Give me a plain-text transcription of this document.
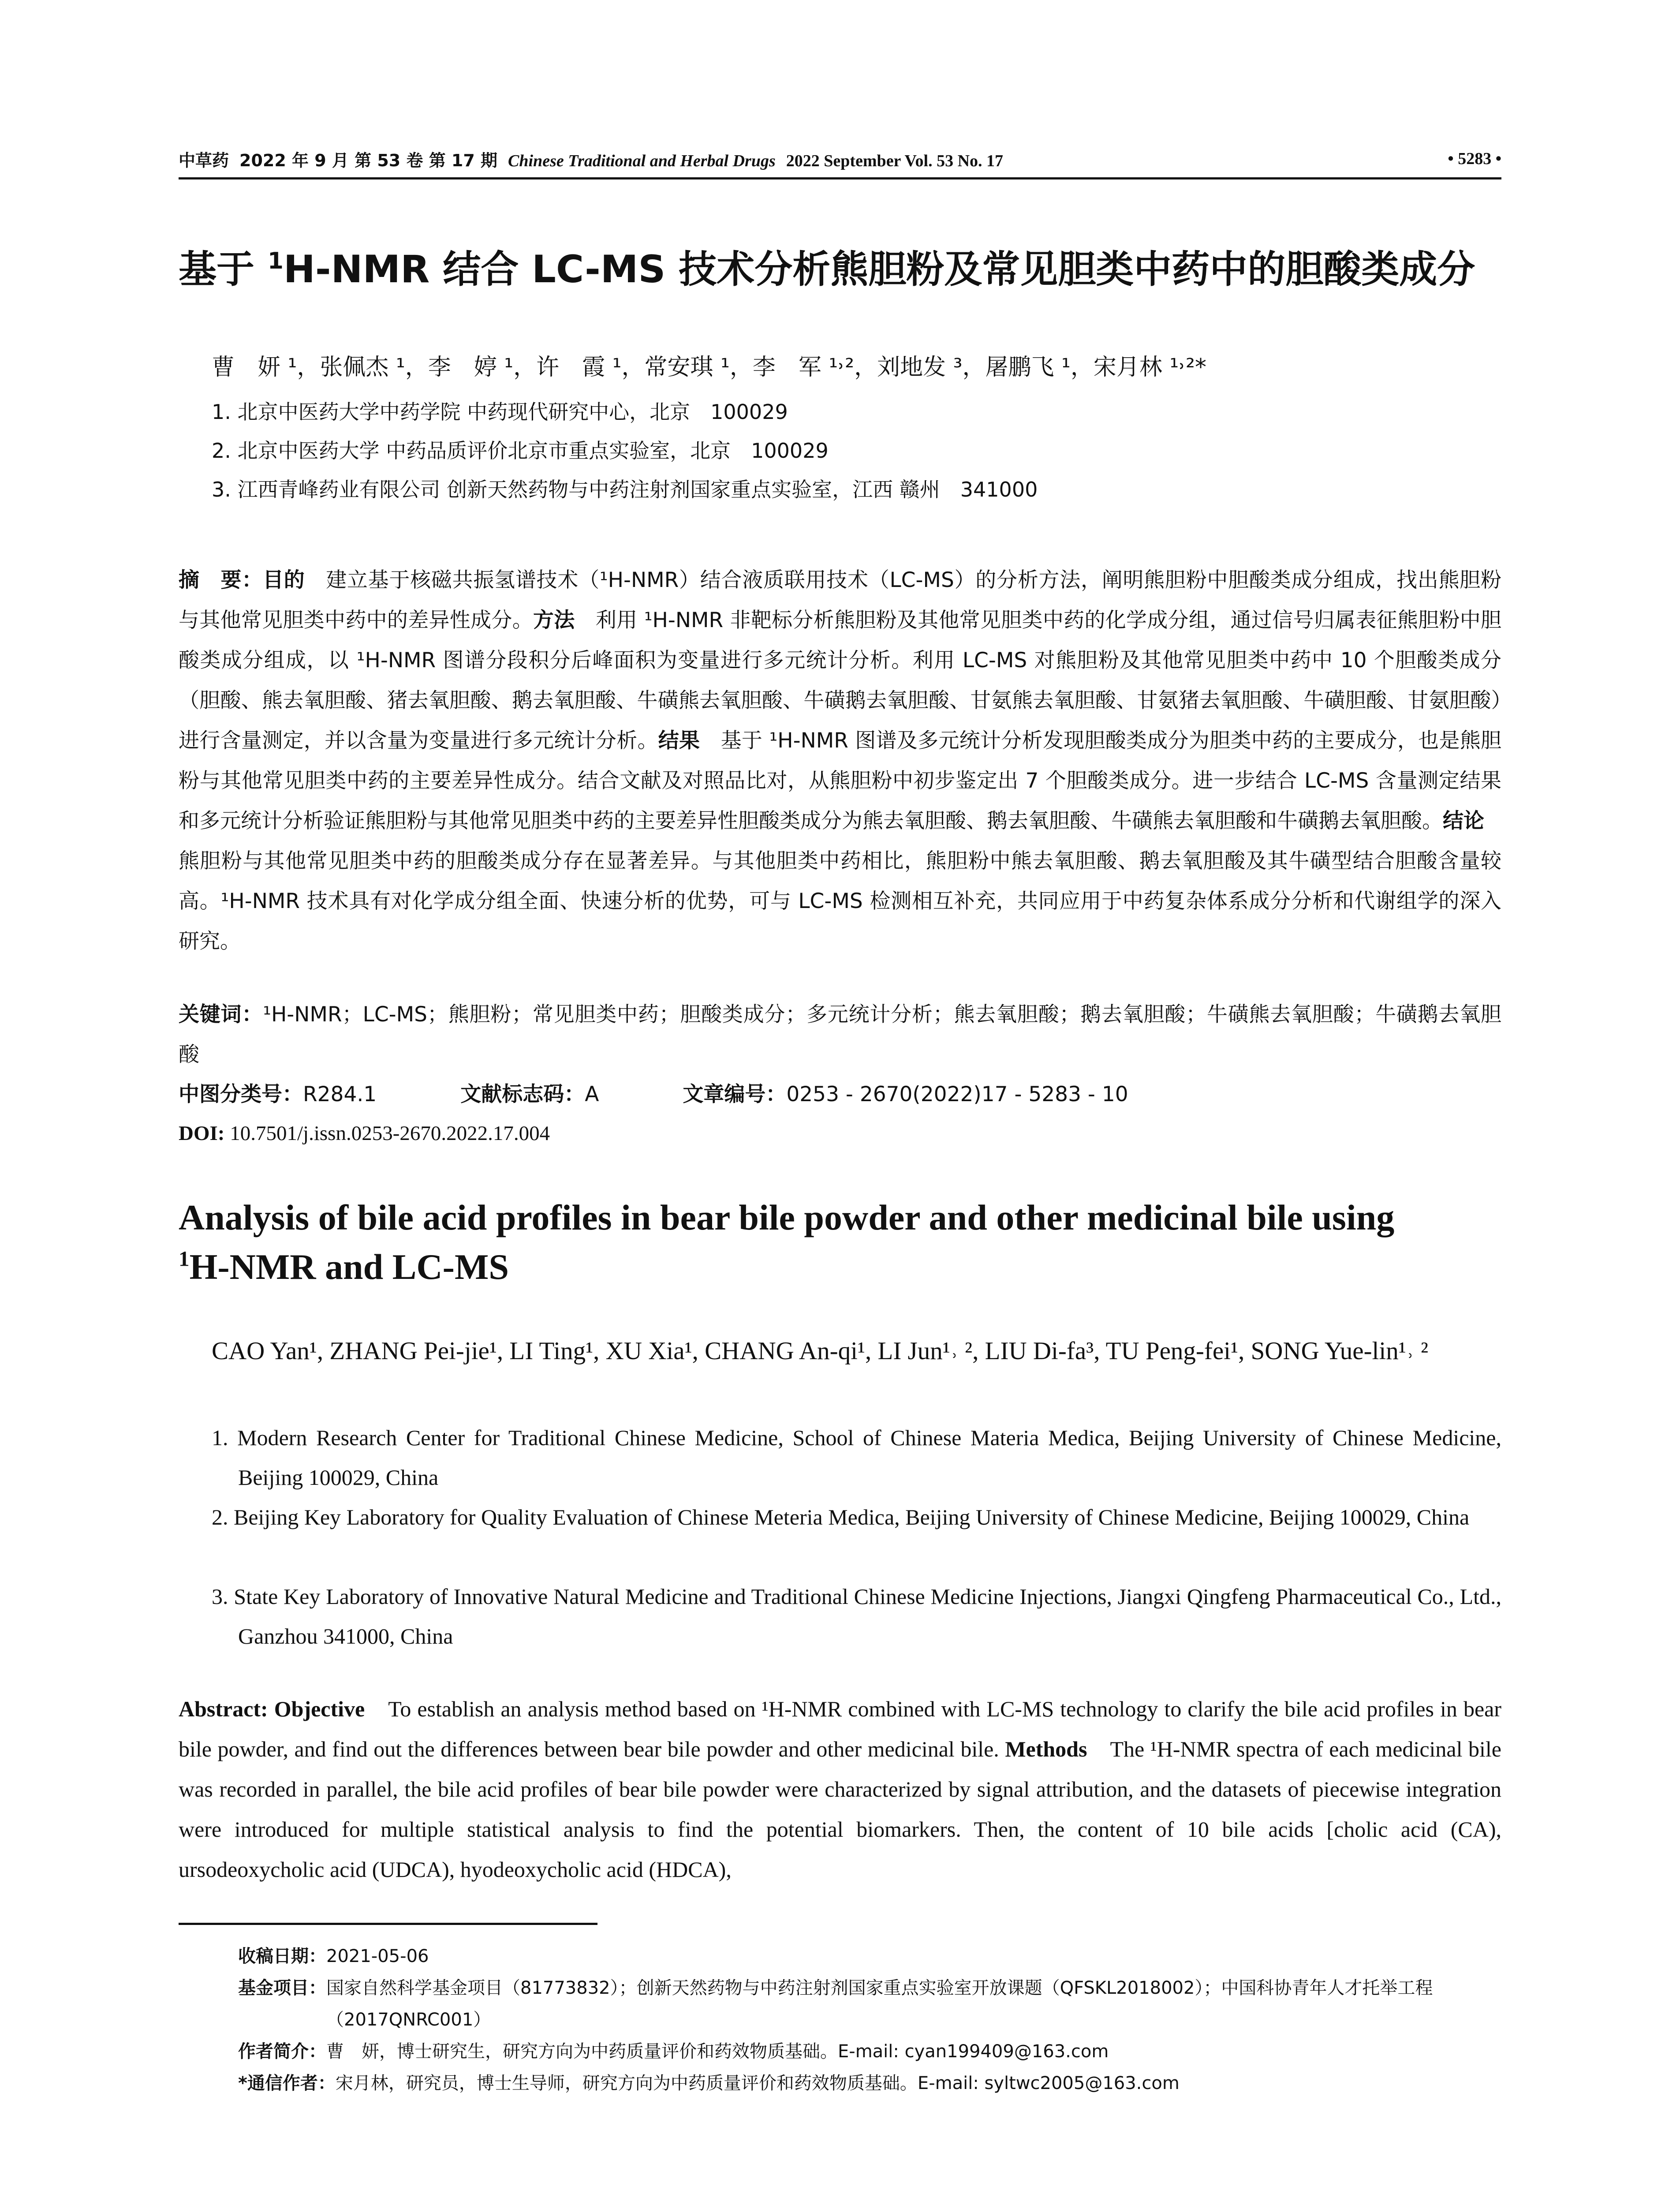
中草药 2022 年 9 月 第 53 卷 第 17 期 Chinese Traditional and Herbal Drugs 2022 September Vol. 53 No. 17	• 5283 •
基于 $^1$H-NMR 结合 LC-MS 技术分析熊胆粉及常见胆类中药中的胆酸类成分
曹　妍 ¹，张佩杰 ¹，李　婷 ¹，许　霞 ¹，常安琪 ¹，李　军 ¹˒²，刘地发 ³，屠鹏飞 ¹，宋月林 ¹˒²*
1. 北京中医药大学中药学院 中药现代研究中心，北京　100029
2. 北京中医药大学 中药品质评价北京市重点实验室，北京　100029
3. 江西青峰药业有限公司 创新天然药物与中药注射剂国家重点实验室，江西 赣州　341000
摘　要：目的　建立基于核磁共振氢谱技术（¹H-NMR）结合液质联用技术（LC-MS）的分析方法，阐明熊胆粉中胆酸类成分组成，找出熊胆粉与其他常见胆类中药中的差异性成分。方法　利用 ¹H-NMR 非靶标分析熊胆粉及其他常见胆类中药的化学成分组，通过信号归属表征熊胆粉中胆酸类成分组成，以 ¹H-NMR 图谱分段积分后峰面积为变量进行多元统计分析。利用 LC-MS 对熊胆粉及其他常见胆类中药中 10 个胆酸类成分（胆酸、熊去氧胆酸、猪去氧胆酸、鹅去氧胆酸、牛磺熊去氧胆酸、牛磺鹅去氧胆酸、甘氨熊去氧胆酸、甘氨猪去氧胆酸、牛磺胆酸、甘氨胆酸）进行含量测定，并以含量为变量进行多元统计分析。结果　基于 ¹H-NMR 图谱及多元统计分析发现胆酸类成分为胆类中药的主要成分，也是熊胆粉与其他常见胆类中药的主要差异性成分。结合文献及对照品比对，从熊胆粉中初步鉴定出 7 个胆酸类成分。进一步结合 LC-MS 含量测定结果和多元统计分析验证熊胆粉与其他常见胆类中药的主要差异性胆酸类成分为熊去氧胆酸、鹅去氧胆酸、牛磺熊去氧胆酸和牛磺鹅去氧胆酸。结论　熊胆粉与其他常见胆类中药的胆酸类成分存在显著差异。与其他胆类中药相比，熊胆粉中熊去氧胆酸、鹅去氧胆酸及其牛磺型结合胆酸含量较高。¹H-NMR 技术具有对化学成分组全面、快速分析的优势，可与 LC-MS 检测相互补充，共同应用于中药复杂体系成分分析和代谢组学的深入研究。
关键词：¹H-NMR；LC-MS；熊胆粉；常见胆类中药；胆酸类成分；多元统计分析；熊去氧胆酸；鹅去氧胆酸；牛磺熊去氧胆酸；牛磺鹅去氧胆酸
中图分类号：R284.1	文献标志码：A	文章编号：0253 - 2670(2022)17 - 5283 - 10
DOI: 10.7501/j.issn.0253-2670.2022.17.004
Analysis of bile acid profiles in bear bile powder and other medicinal bile using
$^1$H-NMR and LC-MS
CAO Yan¹, ZHANG Pei-jie¹, LI Ting¹, XU Xia¹, CHANG An-qi¹, LI Jun¹˒ ², LIU Di-fa³, TU Peng-fei¹, SONG Yue-lin¹˒ ²
1. Modern Research Center for Traditional Chinese Medicine, School of Chinese Materia Medica, Beijing University of Chinese Medicine, Beijing 100029, China
2. Beijing Key Laboratory for Quality Evaluation of Chinese Meteria Medica, Beijing University of Chinese Medicine, Beijing 100029, China
3. State Key Laboratory of Innovative Natural Medicine and Traditional Chinese Medicine Injections, Jiangxi Qingfeng Pharmaceutical Co., Ltd., Ganzhou 341000, China
Abstract: Objective　To establish an analysis method based on ¹H-NMR combined with LC-MS technology to clarify the bile acid profiles in bear bile powder, and find out the differences between bear bile powder and other medicinal bile. Methods　The ¹H-NMR spectra of each medicinal bile was recorded in parallel, the bile acid profiles of bear bile powder were characterized by signal attribution, and the datasets of piecewise integration were introduced for multiple statistical analysis to find the potential biomarkers. Then, the content of 10 bile acids [cholic acid (CA), ursodeoxycholic acid (UDCA), hyodeoxycholic acid (HDCA),
收稿日期： 2021-05-06
基金项目： 国家自然科学基金项目（81773832）；创新天然药物与中药注射剂国家重点实验室开放课题（QFSKL2018002）；中国科协青年人才托举工程（2017QNRC001）
作者简介： 曹　妍，博士研究生，研究方向为中药质量评价和药效物质基础。E-mail: cyan199409@163.com
*通信作者： 宋月林，研究员，博士生导师，研究方向为中药质量评价和药效物质基础。E-mail: syltwc2005@163.com
